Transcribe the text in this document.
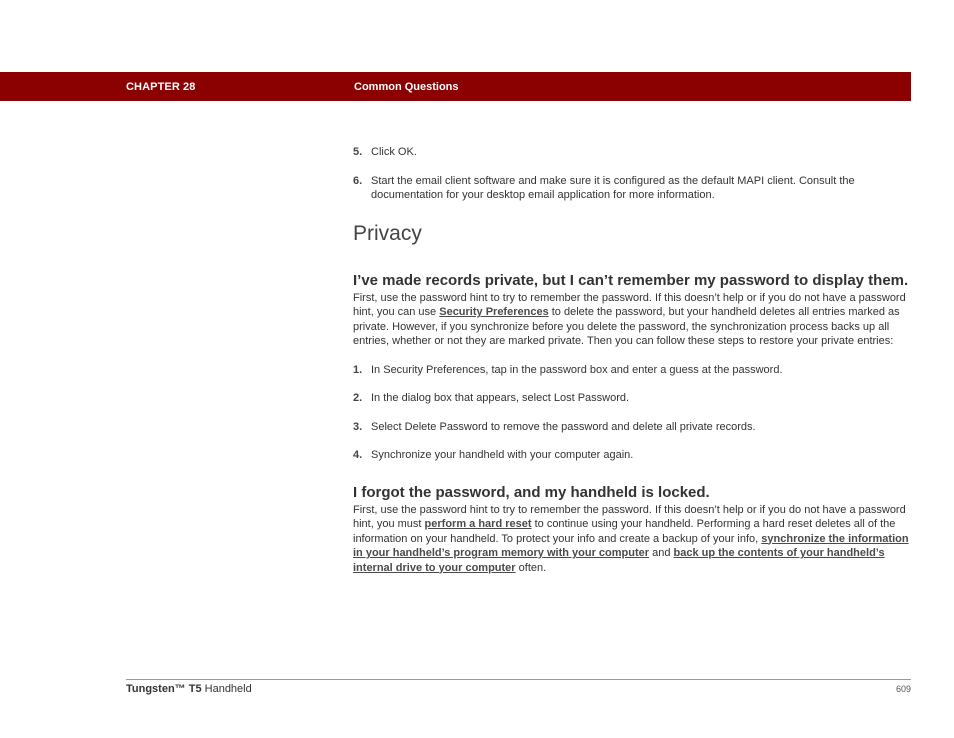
CHAPTER 28	Common Questions
5. Click OK.
6. Start the email client software and make sure it is configured as the default MAPI client. Consult the documentation for your desktop email application for more information.
Privacy
I’ve made records private, but I can’t remember my password to display them.

First, use the password hint to try to remember the password. If this doesn’t help or if you do not have a password hint, you can use Security Preferences to delete the password, but your handheld deletes all entries marked as private. However, if you synchronize before you delete the password, the synchronization process backs up all entries, whether or not they are marked private. Then you can follow these steps to restore your private entries:

1. In Security Preferences, tap in the password box and enter a guess at the password.
2. In the dialog box that appears, select Lost Password.
3. Select Delete Password to remove the password and delete all private records.
4. Synchronize your handheld with your computer again.
I forgot the password, and my handheld is locked.

First, use the password hint to try to remember the password. If this doesn’t help or if you do not have a password hint, you must perform a hard reset to continue using your handheld. Performing a hard reset deletes all of the information on your handheld. To protect your info and create a backup of your info, synchronize the information in your handheld’s program memory with your computer and back up the contents of your handheld’s internal drive to your computer often.

Tungsten™ T5 Handheld	609
